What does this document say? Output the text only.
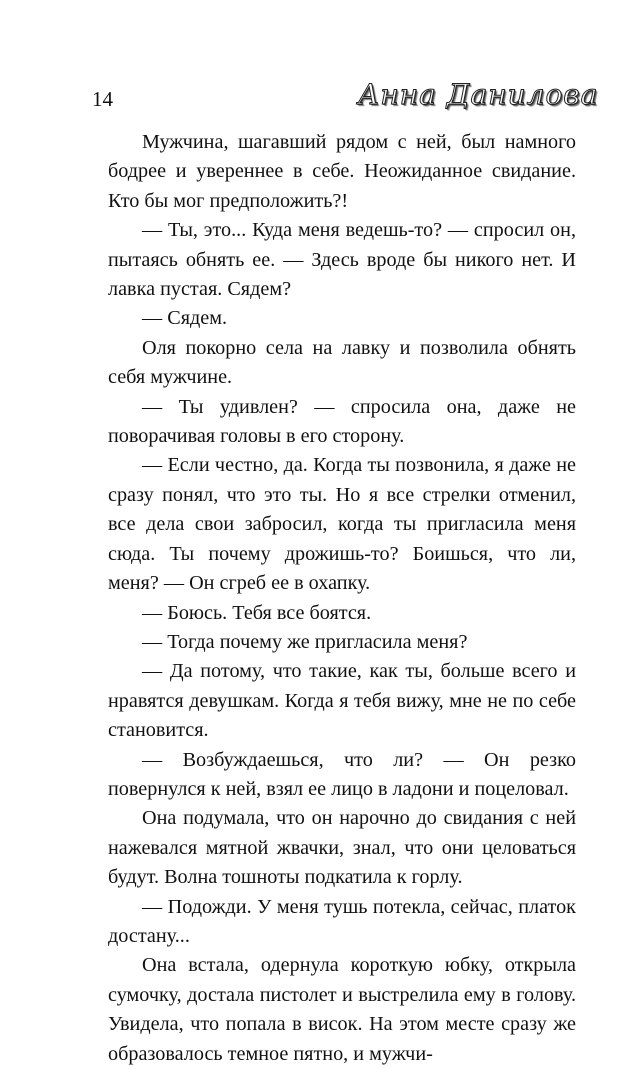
14	Анна Данилова

Мужчина, шагавший рядом с ней, был намного бодрее и увереннее в себе. Неожиданное свидание. Кто бы мог предположить?!

— Ты, это... Куда меня ведешь-то? — спросил он, пытаясь обнять ее. — Здесь вроде бы никого нет. И лавка пустая. Сядем?

— Сядем.

Оля покорно села на лавку и позволила обнять себя мужчине.

— Ты удивлен? — спросила она, даже не поворачивая головы в его сторону.

— Если честно, да. Когда ты позвонила, я даже не сразу понял, что это ты. Но я все стрелки отменил, все дела свои забросил, когда ты пригласила меня сюда. Ты почему дрожишь-то? Боишься, что ли, меня? — Он сгреб ее в охапку.

— Боюсь. Тебя все боятся.

— Тогда почему же пригласила меня?

— Да потому, что такие, как ты, больше всего и нравятся девушкам. Когда я тебя вижу, мне не по себе становится.

— Возбуждаешься, что ли? — Он резко повернулся к ней, взял ее лицо в ладони и поцеловал.

Она подумала, что он нарочно до свидания с ней нажевался мятной жвачки, знал, что они целоваться будут. Волна тошноты подкатила к горлу.

— Подожди. У меня тушь потекла, сейчас, платок достану...

Она встала, одернула короткую юбку, открыла сумочку, достала пистолет и выстрелила ему в голову. Увидела, что попала в висок. На этом месте сразу же образовалось темное пятно, и мужчи-
